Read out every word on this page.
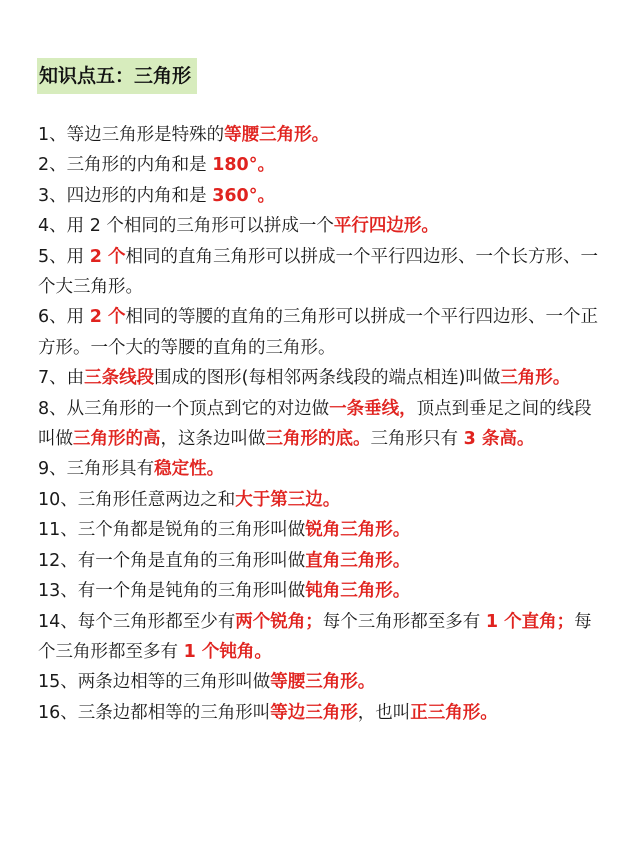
知识点五：三角形

1、等边三角形是特殊的等腰三角形。

2、三角形的内角和是 180°。

3、四边形的内角和是 360°。

4、用 2 个相同的三角形可以拼成一个平行四边形。

5、用 2 个相同的直角三角形可以拼成一个平行四边形、一个长方形、一个大三角形。

6、用 2 个相同的等腰的直角的三角形可以拼成一个平行四边形、一个正方形。一个大的等腰的直角的三角形。

7、由三条线段围成的图形(每相邻两条线段的端点相连)叫做三角形。

8、从三角形的一个顶点到它的对边做一条垂线，顶点到垂足之间的线段叫做三角形的高，这条边叫做三角形的底。三角形只有 3 条高。

9、三角形具有稳定性。

10、三角形任意两边之和大于第三边。

11、三个角都是锐角的三角形叫做锐角三角形。

12、有一个角是直角的三角形叫做直角三角形。

13、有一个角是钝角的三角形叫做钝角三角形。

14、每个三角形都至少有两个锐角；每个三角形都至多有 1 个直角；每个三角形都至多有 1 个钝角。

15、两条边相等的三角形叫做等腰三角形。

16、三条边都相等的三角形叫等边三角形，也叫正三角形。
